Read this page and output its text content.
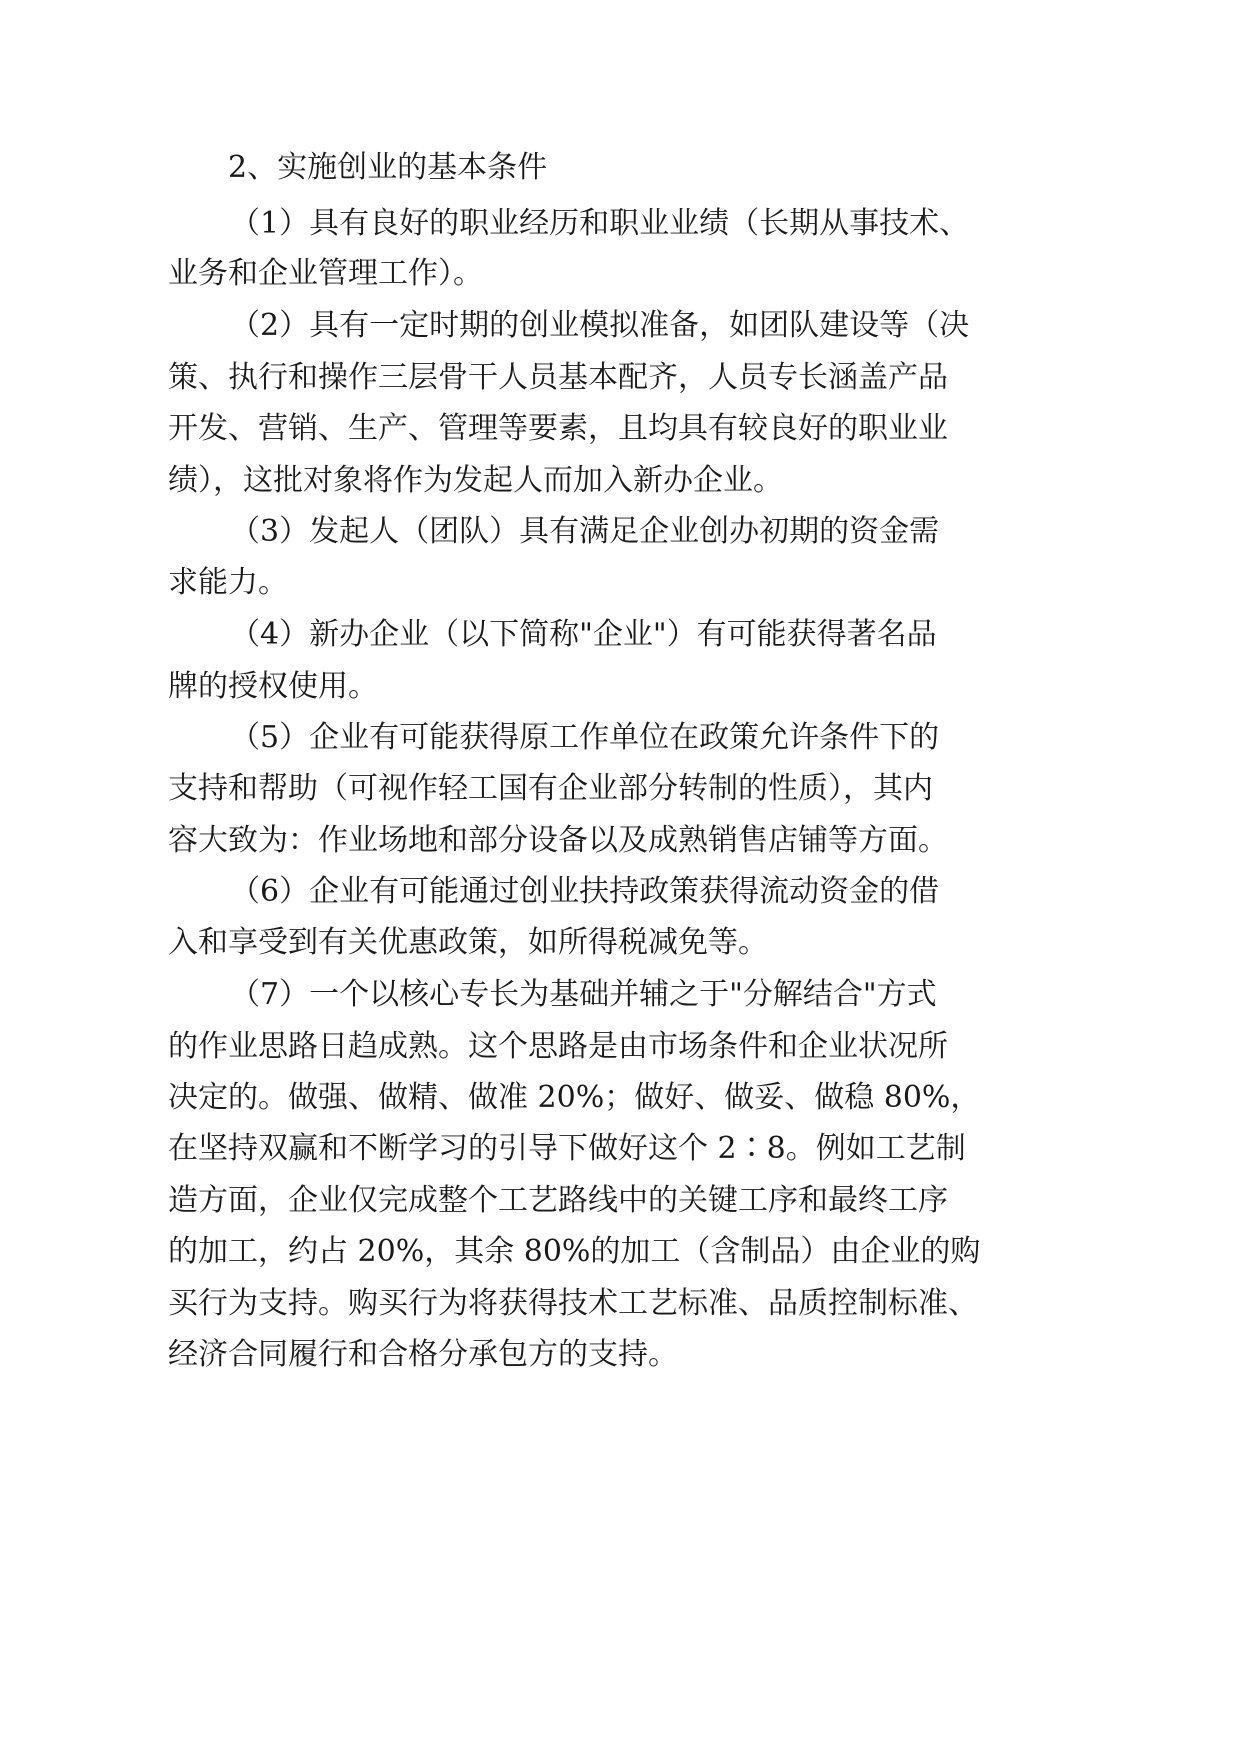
2、实施创业的基本条件
（1）具有良好的职业经历和职业业绩（长期从事技术、
业务和企业管理工作）。
（2）具有一定时期的创业模拟准备，如团队建设等（决
策、执行和操作三层骨干人员基本配齐，人员专长涵盖产品
开发、营销、生产、管理等要素，且均具有较良好的职业业
绩），这批对象将作为发起人而加入新办企业。
（3）发起人（团队）具有满足企业创办初期的资金需
求能力。
（4）新办企业（以下简称"企业"）有可能获得著名品
牌的授权使用。
（5）企业有可能获得原工作单位在政策允许条件下的
支持和帮助（可视作轻工国有企业部分转制的性质），其内
容大致为：作业场地和部分设备以及成熟销售店铺等方面。
（6）企业有可能通过创业扶持政策获得流动资金的借
入和享受到有关优惠政策，如所得税减免等。
（7）一个以核心专长为基础并辅之于"分解结合"方式
的作业思路日趋成熟。这个思路是由市场条件和企业状况所
决定的。做强、做精、做准 20%；做好、做妥、做稳 80%，
在坚持双赢和不断学习的引导下做好这个 2∶8。例如工艺制
造方面，企业仅完成整个工艺路线中的关键工序和最终工序
的加工，约占 20%，其余 80%的加工（含制品）由企业的购
买行为支持。购买行为将获得技术工艺标准、品质控制标准、
经济合同履行和合格分承包方的支持。
